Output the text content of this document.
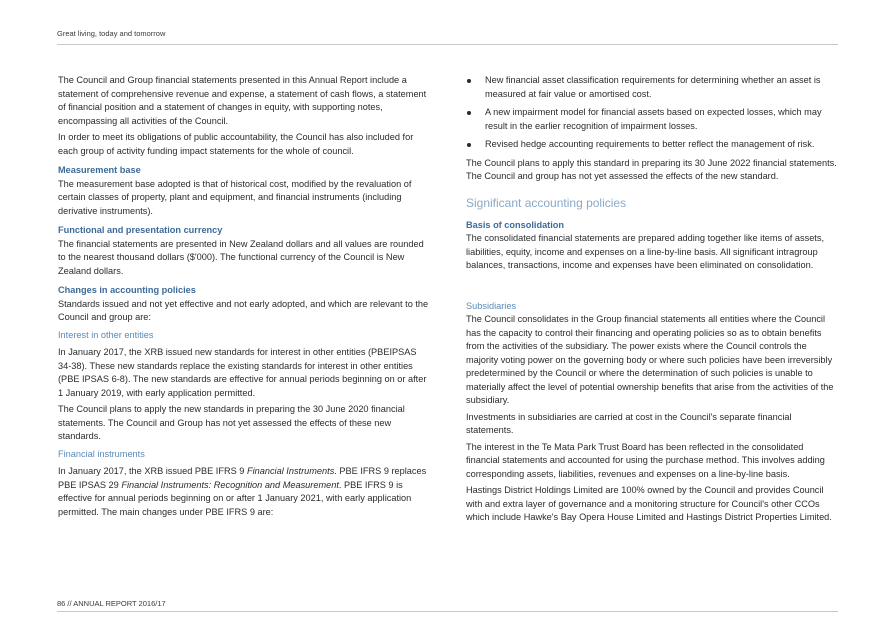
Great living, today and tomorrow

The Council and Group financial statements presented in this Annual Report include a statement of comprehensive revenue and expense, a statement of cash flows, a statement of financial position and a statement of changes in equity, with supporting notes, encompassing all activities of the Council.

In order to meet its obligations of public accountability, the Council has also included for each group of activity funding impact statements for the whole of council.

Measurement base

The measurement base adopted is that of historical cost, modified by the revaluation of certain classes of property, plant and equipment, and financial instruments (including derivative instruments).

Functional and presentation currency

The financial statements are presented in New Zealand dollars and all values are rounded to the nearest thousand dollars ($'000). The functional currency of the Council is New Zealand dollars.

Changes in accounting policies

Standards issued and not yet effective and not early adopted, and which are relevant to the Council and group are:

Interest in other entities

In January 2017, the XRB issued new standards for interest in other entities (PBEIPSAS 34-38). These new standards replace the existing standards for interest in other entities (PBE IPSAS 6-8). The new standards are effective for annual periods beginning on or after 1 January 2019, with early application permitted.

The Council plans to apply the new standards in preparing the 30 June 2020 financial statements. The Council and Group has not yet assessed the effects of these new standards.

Financial instruments

In January 2017, the XRB issued PBE IFRS 9 Financial Instruments. PBE IFRS 9 replaces PBE IPSAS 29 Financial Instruments: Recognition and Measurement. PBE IFRS 9 is effective for annual periods beginning on or after 1 January 2021, with early application permitted. The main changes under PBE IFRS 9 are:

New financial asset classification requirements for determining whether an asset is measured at fair value or amortised cost.
A new impairment model for financial assets based on expected losses, which may result in the earlier recognition of impairment losses.
Revised hedge accounting requirements to better reflect the management of risk.

The Council plans to apply this standard in preparing its 30 June 2022 financial statements. The Council and group has not yet assessed the effects of the new standard.

Significant accounting policies
Basis of consolidation

The consolidated financial statements are prepared adding together like items of assets, liabilities, equity, income and expenses on a line-by-line basis. All significant intragroup balances, transactions, income and expenses have been eliminated on consolidation.

Subsidiaries

The Council consolidates in the Group financial statements all entities where the Council has the capacity to control their financing and operating policies so as to obtain benefits from the activities of the subsidiary. The power exists where the Council controls the majority voting power on the governing body or where such policies have been irreversibly predetermined by the Council or where the determination of such policies is unable to materially affect the level of potential ownership benefits that arise from the activities of the subsidiary.

Investments in subsidiaries are carried at cost in the Council's separate financial statements.

The interest in the Te Mata Park Trust Board has been reflected in the consolidated financial statements and accounted for using the purchase method. This involves adding corresponding assets, liabilities, revenues and expenses on a line-by-line basis.

Hastings District Holdings Limited are 100% owned by the Council and provides Council with and extra layer of governance and a monitoring structure for Council's other CCOs which include Hawke's Bay Opera House Limited and Hastings District Properties Limited.

86 // ANNUAL REPORT 2016/17
